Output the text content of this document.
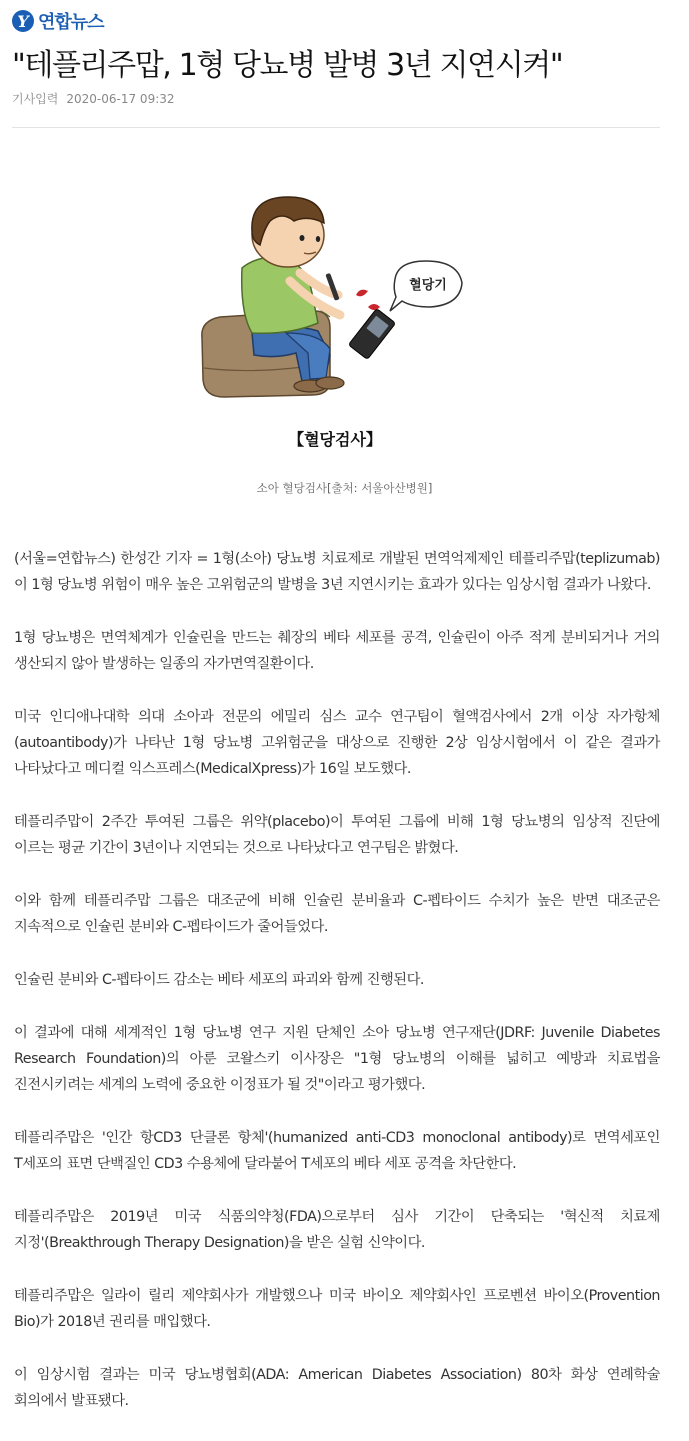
Y 연합뉴스
"테플리주맙, 1형 당뇨병 발병 3년 지연시켜"
기사입력 2020-06-17 09:32
혈당기
【혈당검사】
소아 혈당검사[출처: 서울아산병원]

(서울=연합뉴스) 한성간 기자 = 1형(소아) 당뇨병 치료제로 개발된 면역억제제인 테플리주맙(teplizumab)이 1형 당뇨병 위험이 매우 높은 고위험군의 발병을 3년 지연시키는 효과가 있다는 임상시험 결과가 나왔다.

1형 당뇨병은 면역체계가 인슐린을 만드는 췌장의 베타 세포를 공격, 인슐린이 아주 적게 분비되거나 거의 생산되지 않아 발생하는 일종의 자가면역질환이다.

미국 인디애나대학 의대 소아과 전문의 에밀리 심스 교수 연구팀이 혈액검사에서 2개 이상 자가항체(autoantibody)가 나타난 1형 당뇨병 고위험군을 대상으로 진행한 2상 임상시험에서 이 같은 결과가 나타났다고 메디컬 익스프레스(MedicalXpress)가 16일 보도했다.

테플리주맙이 2주간 투여된 그룹은 위약(placebo)이 투여된 그룹에 비해 1형 당뇨병의 임상적 진단에 이르는 평균 기간이 3년이나 지연되는 것으로 나타났다고 연구팀은 밝혔다.

이와 함께 테플리주맙 그룹은 대조군에 비해 인슐린 분비율과 C-펩타이드 수치가 높은 반면 대조군은 지속적으로 인슐린 분비와 C-펩타이드가 줄어들었다.

인슐린 분비와 C-펩타이드 감소는 베타 세포의 파괴와 함께 진행된다.

이 결과에 대해 세계적인 1형 당뇨병 연구 지원 단체인 소아 당뇨병 연구재단(JDRF: Juvenile Diabetes Research Foundation)의 아룬 코왈스키 이사장은 "1형 당뇨병의 이해를 넓히고 예방과 치료법을 진전시키려는 세계의 노력에 중요한 이정표가 될 것"이라고 평가했다.

테플리주맙은 '인간 항CD3 단클론 항체'(humanized anti-CD3 monoclonal antibody)로 면역세포인 T세포의 표면 단백질인 CD3 수용체에 달라붙어 T세포의 베타 세포 공격을 차단한다.

테플리주맙은 2019년 미국 식품의약청(FDA)으로부터 심사 기간이 단축되는 '혁신적 치료제 지정'(Breakthrough Therapy Designation)을 받은 실험 신약이다.

테플리주맙은 일라이 릴리 제약회사가 개발했으나 미국 바이오 제약회사인 프로벤션 바이오(Provention Bio)가 2018년 권리를 매입했다.

이 임상시험 결과는 미국 당뇨병협회(ADA: American Diabetes Association) 80차 화상 연례학술 회의에서 발표됐다.
